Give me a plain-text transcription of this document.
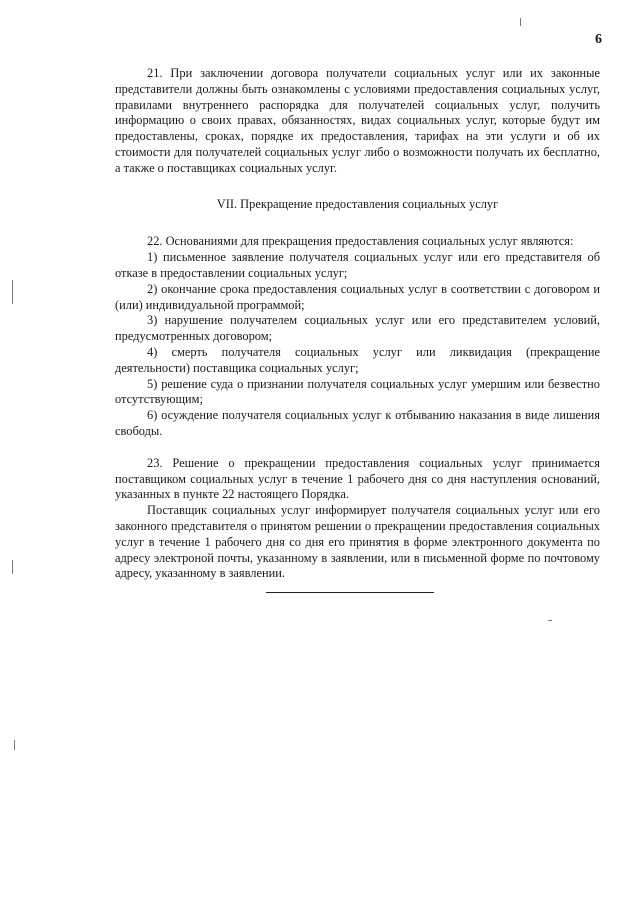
6

21. При заключении договора получатели социальных услуг или их законные представители должны быть ознакомлены с условиями предоставления социальных услуг, правилами внутреннего распорядка для получателей социальных услуг, получить информацию о своих правах, обязанностях, видах социальных услуг, которые будут им предоставлены, сроках, порядке их предоставления, тарифах на эти услуги и об их стоимости для получателей социальных услуг либо о возможности получать их бесплатно, а также о поставщиках социальных услуг.

VII. Прекращение предоставления социальных услуг

22. Основаниями для прекращения предоставления социальных услуг являются:

1) письменное заявление получателя социальных услуг или его представителя об отказе в предоставлении социальных услуг;

2) окончание срока предоставления социальных услуг в соответствии с договором и (или) индивидуальной программой;

3) нарушение получателем социальных услуг или его представителем условий, предусмотренных договором;

4) смерть получателя социальных услуг или ликвидация (прекращение деятельности) поставщика социальных услуг;

5) решение суда о признании получателя социальных услуг умершим или безвестно отсутствующим;

6) осуждение получателя социальных услуг к отбыванию наказания в виде лишения свободы.

23. Решение о прекращении предоставления социальных услуг принимается поставщиком социальных услуг в течение 1 рабочего дня со дня наступления оснований, указанных в пункте 22 настоящего Порядка.

Поставщик социальных услуг информирует получателя социальных услуг или его законного представителя о принятом решении о прекращении предоставления социальных услуг в течение 1 рабочего дня со дня его принятия в форме электронного документа по адресу электроной почты, указанному в заявлении, или в письменной форме по почтовому адресу, указанному в заявлении.
